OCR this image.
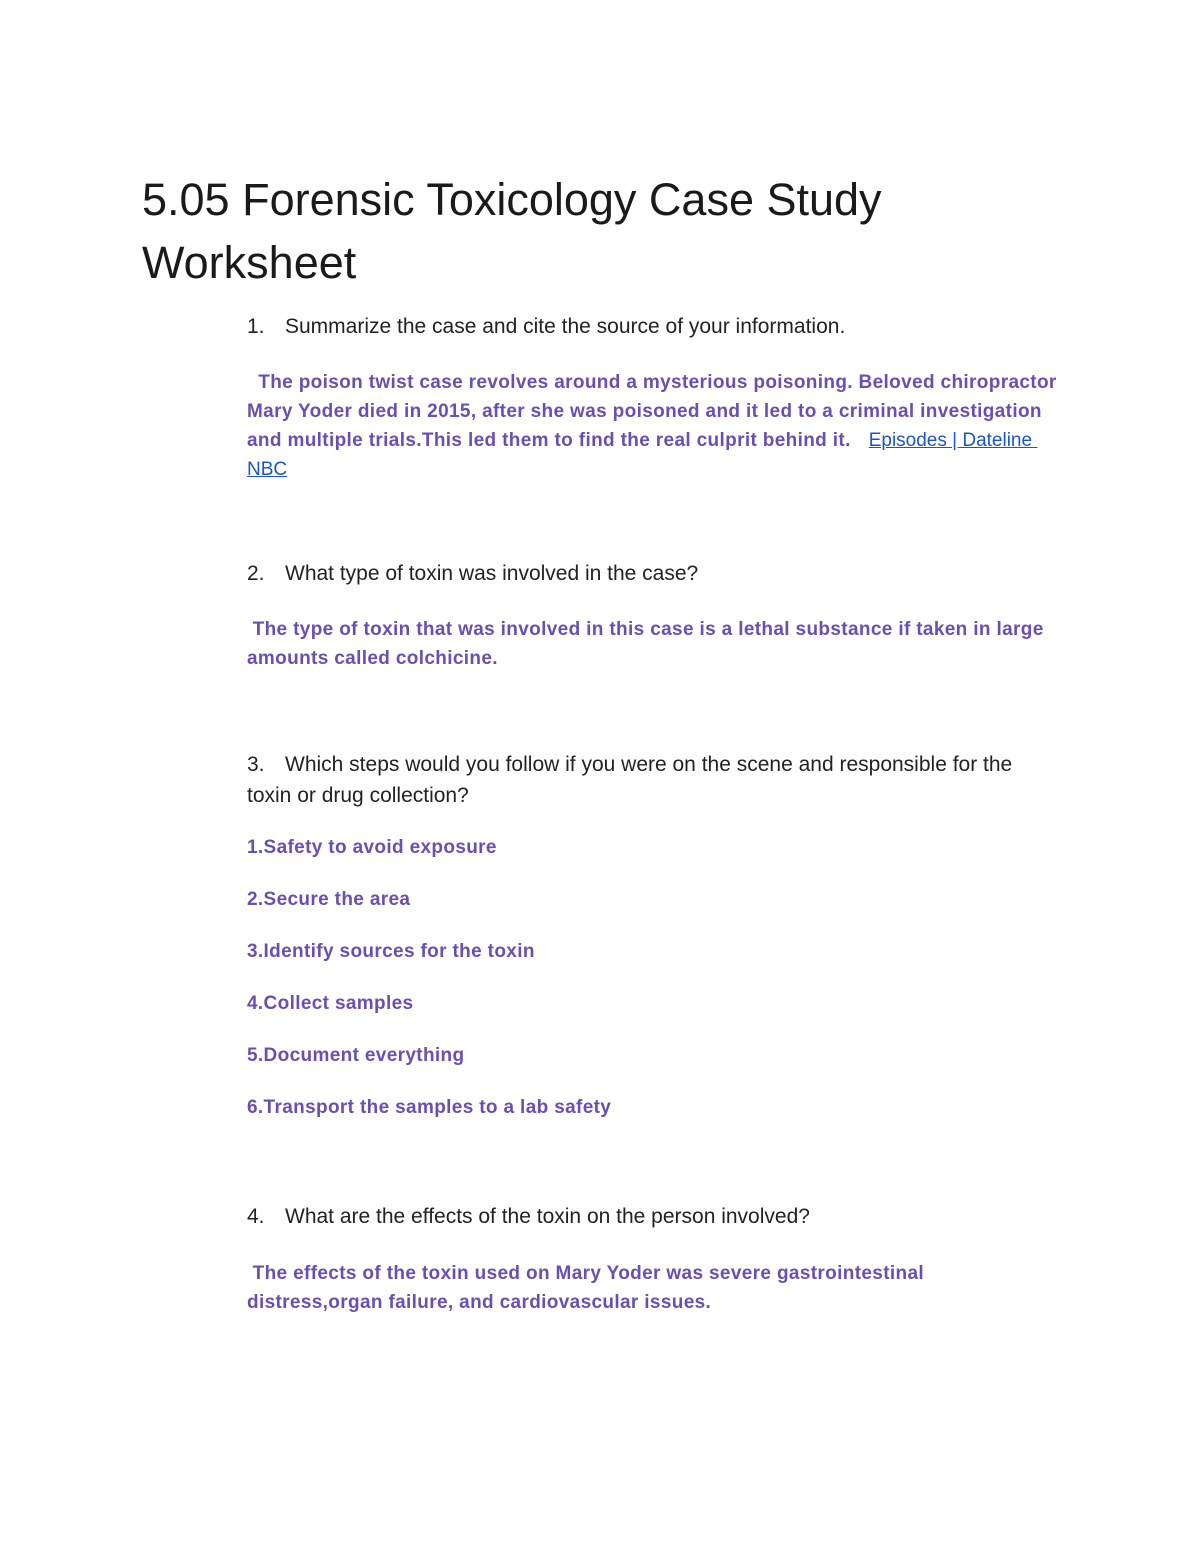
5.05 Forensic Toxicology Case Study Worksheet
1. Summarize the case and cite the source of your information.
The poison twist case revolves around a mysterious poisoning. Beloved chiropractor Mary Yoder died in 2015, after she was poisoned and it led to a criminal investigation and multiple trials.This led them to find the real culprit behind it. Episodes | Dateline NBC
2. What type of toxin was involved in the case?
The type of toxin that was involved in this case is a lethal substance if taken in large amounts called colchicine.
3. Which steps would you follow if you were on the scene and responsible for the toxin or drug collection?
1.Safety to avoid exposure
2.Secure the area
3.Identify sources for the toxin
4.Collect samples
5.Document everything
6.Transport the samples to a lab safety
4. What are the effects of the toxin on the person involved?
The effects of the toxin used on Mary Yoder was severe gastrointestinal distress,organ failure, and cardiovascular issues.
